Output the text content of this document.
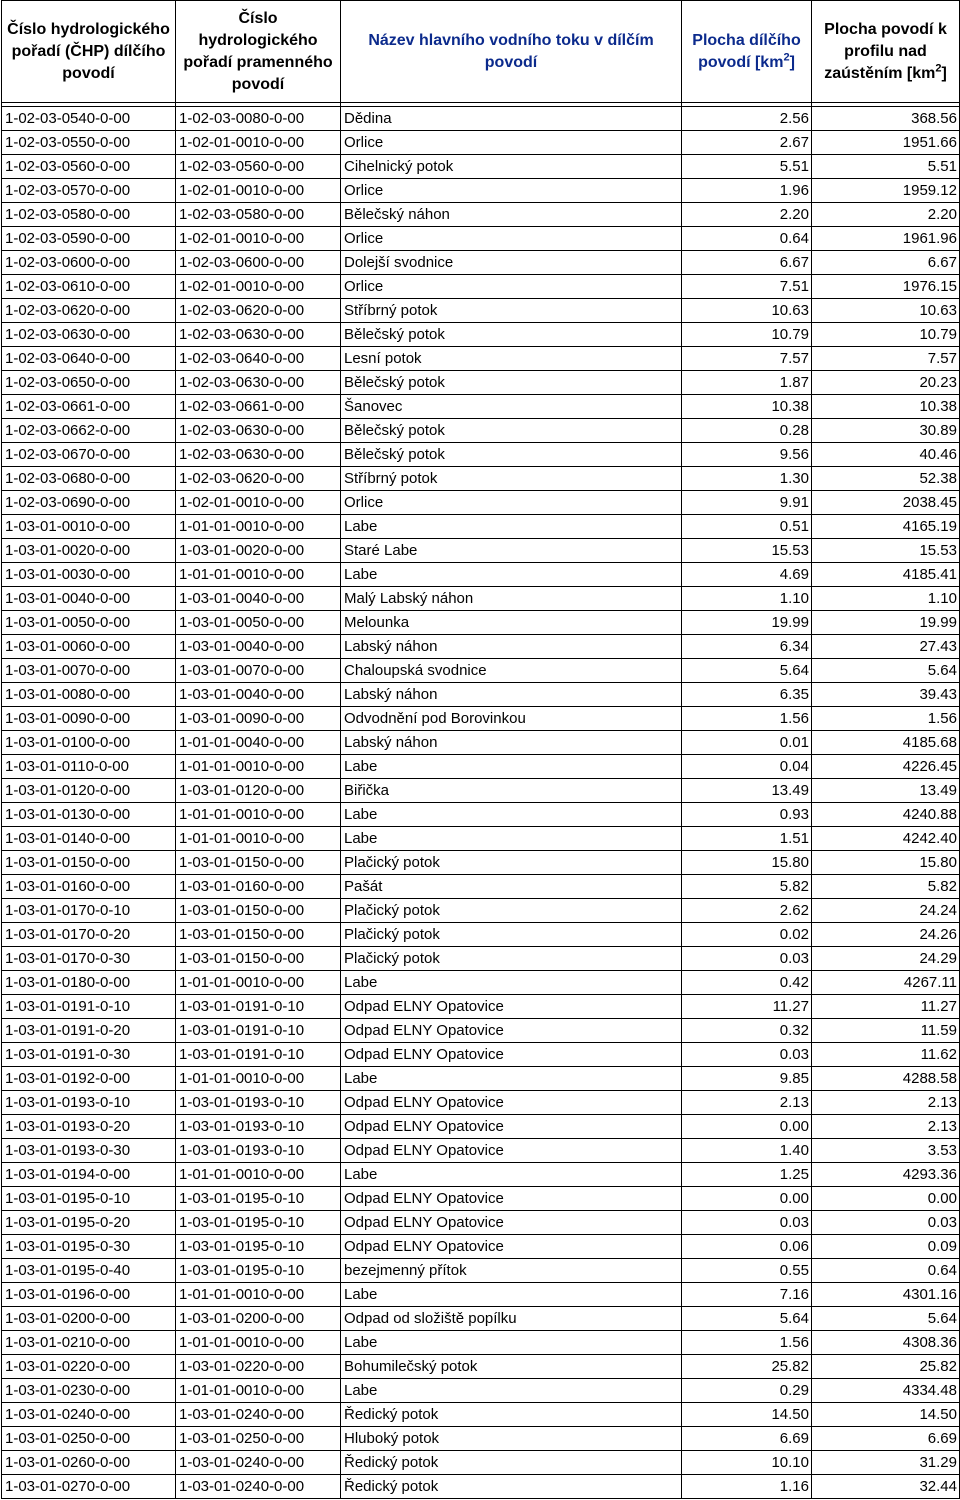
Číslo hydrologického pořadí (ČHP) dílčího povodí	Číslo hydrologického pořadí pramenného povodí	Název hlavního vodního toku v dílčím povodí	Plocha dílčího povodí $[km^2]$	Plocha povodí k profilu nad zaústěním $[km^2]$

1-02-03-0540-0-00	1-02-03-0080-0-00	Dědina	2.56	368.56
1-02-03-0550-0-00	1-02-01-0010-0-00	Orlice	2.67	1951.66
1-02-03-0560-0-00	1-02-03-0560-0-00	Cihelnický potok	5.51	5.51
1-02-03-0570-0-00	1-02-01-0010-0-00	Orlice	1.96	1959.12
1-02-03-0580-0-00	1-02-03-0580-0-00	Bělečský náhon	2.20	2.20
1-02-03-0590-0-00	1-02-01-0010-0-00	Orlice	0.64	1961.96
1-02-03-0600-0-00	1-02-03-0600-0-00	Dolejší svodnice	6.67	6.67
1-02-03-0610-0-00	1-02-01-0010-0-00	Orlice	7.51	1976.15
1-02-03-0620-0-00	1-02-03-0620-0-00	Stříbrný potok	10.63	10.63
1-02-03-0630-0-00	1-02-03-0630-0-00	Bělečský potok	10.79	10.79
1-02-03-0640-0-00	1-02-03-0640-0-00	Lesní potok	7.57	7.57
1-02-03-0650-0-00	1-02-03-0630-0-00	Bělečský potok	1.87	20.23
1-02-03-0661-0-00	1-02-03-0661-0-00	Šanovec	10.38	10.38
1-02-03-0662-0-00	1-02-03-0630-0-00	Bělečský potok	0.28	30.89
1-02-03-0670-0-00	1-02-03-0630-0-00	Bělečský potok	9.56	40.46
1-02-03-0680-0-00	1-02-03-0620-0-00	Stříbrný potok	1.30	52.38
1-02-03-0690-0-00	1-02-01-0010-0-00	Orlice	9.91	2038.45
1-03-01-0010-0-00	1-01-01-0010-0-00	Labe	0.51	4165.19
1-03-01-0020-0-00	1-03-01-0020-0-00	Staré Labe	15.53	15.53
1-03-01-0030-0-00	1-01-01-0010-0-00	Labe	4.69	4185.41
1-03-01-0040-0-00	1-03-01-0040-0-00	Malý Labský náhon	1.10	1.10
1-03-01-0050-0-00	1-03-01-0050-0-00	Melounka	19.99	19.99
1-03-01-0060-0-00	1-03-01-0040-0-00	Labský náhon	6.34	27.43
1-03-01-0070-0-00	1-03-01-0070-0-00	Chaloupská svodnice	5.64	5.64
1-03-01-0080-0-00	1-03-01-0040-0-00	Labský náhon	6.35	39.43
1-03-01-0090-0-00	1-03-01-0090-0-00	Odvodnění pod Borovinkou	1.56	1.56
1-03-01-0100-0-00	1-01-01-0040-0-00	Labský náhon	0.01	4185.68
1-03-01-0110-0-00	1-01-01-0010-0-00	Labe	0.04	4226.45
1-03-01-0120-0-00	1-03-01-0120-0-00	Biřička	13.49	13.49
1-03-01-0130-0-00	1-01-01-0010-0-00	Labe	0.93	4240.88
1-03-01-0140-0-00	1-01-01-0010-0-00	Labe	1.51	4242.40
1-03-01-0150-0-00	1-03-01-0150-0-00	Plačický potok	15.80	15.80
1-03-01-0160-0-00	1-03-01-0160-0-00	Pašát	5.82	5.82
1-03-01-0170-0-10	1-03-01-0150-0-00	Plačický potok	2.62	24.24
1-03-01-0170-0-20	1-03-01-0150-0-00	Plačický potok	0.02	24.26
1-03-01-0170-0-30	1-03-01-0150-0-00	Plačický potok	0.03	24.29
1-03-01-0180-0-00	1-01-01-0010-0-00	Labe	0.42	4267.11
1-03-01-0191-0-10	1-03-01-0191-0-10	Odpad ELNY Opatovice	11.27	11.27
1-03-01-0191-0-20	1-03-01-0191-0-10	Odpad ELNY Opatovice	0.32	11.59
1-03-01-0191-0-30	1-03-01-0191-0-10	Odpad ELNY Opatovice	0.03	11.62
1-03-01-0192-0-00	1-01-01-0010-0-00	Labe	9.85	4288.58
1-03-01-0193-0-10	1-03-01-0193-0-10	Odpad ELNY Opatovice	2.13	2.13
1-03-01-0193-0-20	1-03-01-0193-0-10	Odpad ELNY Opatovice	0.00	2.13
1-03-01-0193-0-30	1-03-01-0193-0-10	Odpad ELNY Opatovice	1.40	3.53
1-03-01-0194-0-00	1-01-01-0010-0-00	Labe	1.25	4293.36
1-03-01-0195-0-10	1-03-01-0195-0-10	Odpad ELNY Opatovice	0.00	0.00
1-03-01-0195-0-20	1-03-01-0195-0-10	Odpad ELNY Opatovice	0.03	0.03
1-03-01-0195-0-30	1-03-01-0195-0-10	Odpad ELNY Opatovice	0.06	0.09
1-03-01-0195-0-40	1-03-01-0195-0-10	bezejmenný přítok	0.55	0.64
1-03-01-0196-0-00	1-01-01-0010-0-00	Labe	7.16	4301.16
1-03-01-0200-0-00	1-03-01-0200-0-00	Odpad od složiště popílku	5.64	5.64
1-03-01-0210-0-00	1-01-01-0010-0-00	Labe	1.56	4308.36
1-03-01-0220-0-00	1-03-01-0220-0-00	Bohumilečský potok	25.82	25.82
1-03-01-0230-0-00	1-01-01-0010-0-00	Labe	0.29	4334.48
1-03-01-0240-0-00	1-03-01-0240-0-00	Ředický potok	14.50	14.50
1-03-01-0250-0-00	1-03-01-0250-0-00	Hluboký potok	6.69	6.69
1-03-01-0260-0-00	1-03-01-0240-0-00	Ředický potok	10.10	31.29
1-03-01-0270-0-00	1-03-01-0240-0-00	Ředický potok	1.16	32.44
